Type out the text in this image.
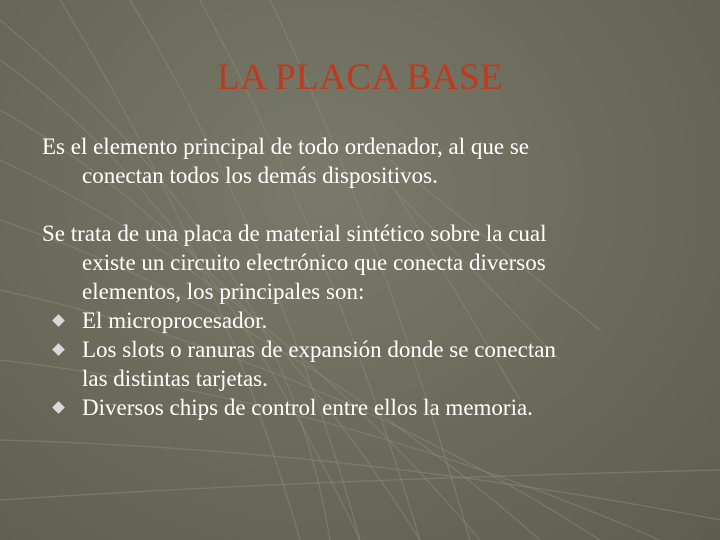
LA PLACA BASE

Es el elemento principal de todo ordenador, al que se
conectan todos los demás dispositivos.

Se trata de una placa de material sintético sobre la cual
existe un circuito electrónico que conecta diversos
elementos, los principales son:

El microprocesador.
Los slots o ranuras de expansión donde se conectan
las distintas tarjetas.
Diversos chips de control entre ellos la memoria.
